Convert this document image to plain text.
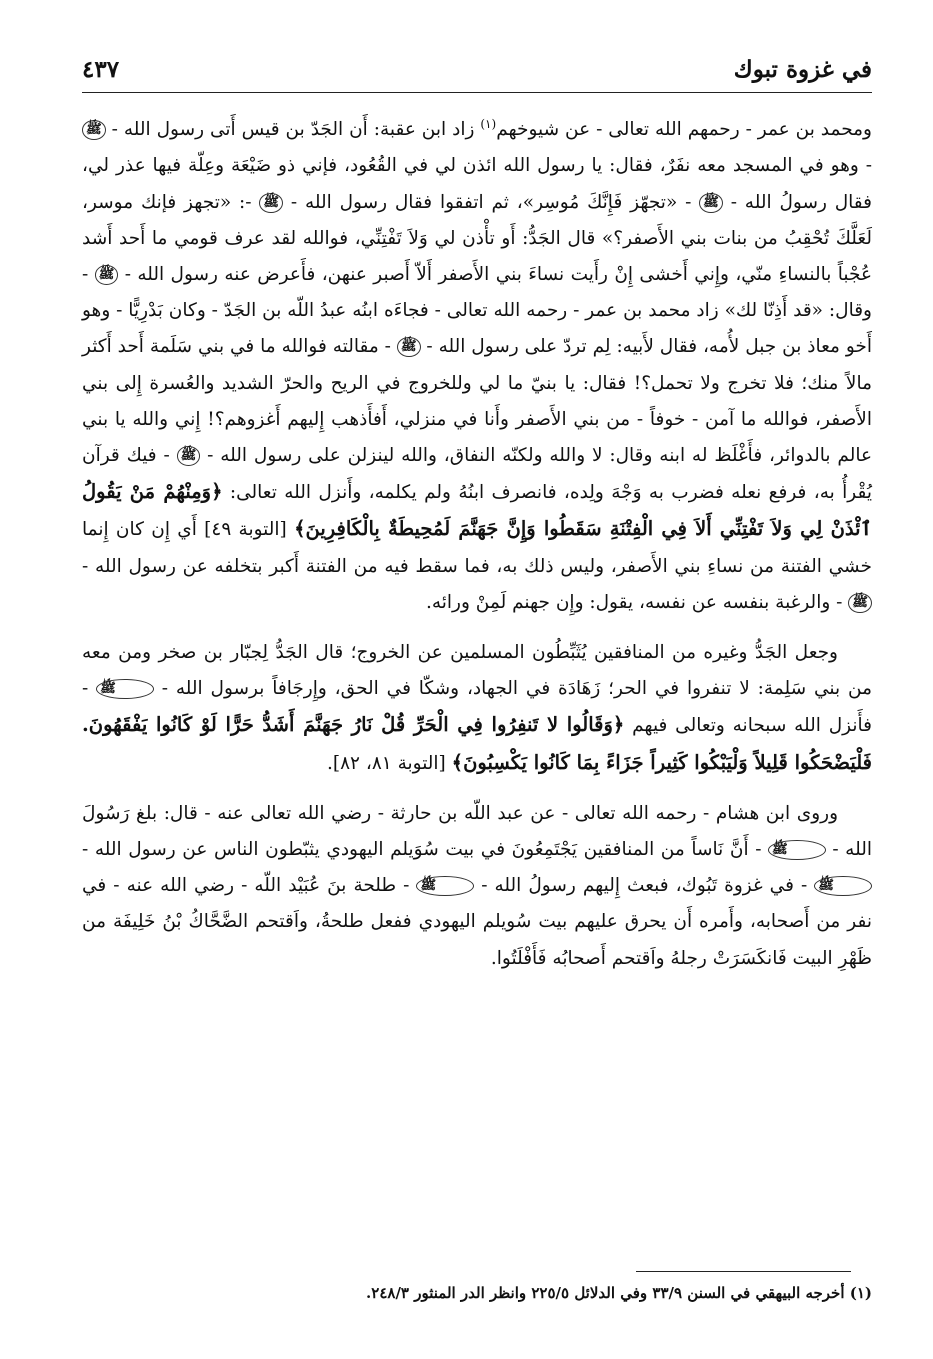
في غزوة تبوك
٤٣٧

ومحمد بن عمر - رحمهم الله تعالى - عن شيوخهم$^{(١)}$ زاد ابن عقبة: أَن الجَدّ بن قيس أَتى رسول الله - ﷺ - وهو في المسجد معه نفَرٌ، فقال: يا رسول الله ائذن لي في القُعُود، فإني ذو ضَيْعَة وعِلّة فيها عذر لي، فقال رسولُ الله - ﷺ - «تجهّز فَإِنَّكَ مُوسِر»، ثم اتفقوا فقال رسول الله - ﷺ -: «تجهز فإنك موسر، لَعَلَّكَ تُحْقِبُ من بنات بني الأَصفر؟» قال الجَدُّ: أَو تأْذن لي وَلاَ تَفْتِنِّي، فوالله لقد عرف قومي ما أَحد أَشد عُجْباً بالنساءِ منّي، وإِني أَخشى إِنْ رأَيت نساءَ بني الأَصفر أَلاّ أَصبر عنهن، فأَعرض عنه رسول الله - ﷺ - وقال: «قد أَذِنّا لك» زاد محمد بن عمر - رحمه الله تعالى - فجاءَه ابنُه عبدُ اللّه بن الجَدّ - وكان بَدْرِيًّا - وهو أَخو معاذ بن جبل لأُمه، فقال لأَبيه: لِم تردّ على رسول الله - ﷺ - مقالته فوالله ما في بني سَلَمة أَحد أَكثر مالاً منك؛ فلا تخرج ولا تحمل؟! فقال: يا بنيّ ما لي وللخروج في الريح والحرّ الشديد والعُسرة إِلى بني الأَصفر، فوالله ما آمن - خوفاً - من بني الأَصفر وأَنا في منزلي، أَفأَذهب إِليهم أَغزوهم؟! إِني والله يا بني عالم بالدوائر، فأَغْلَظ له ابنه وقال: لا والله ولكنّه النفاق، والله لينزلن على رسول الله - ﷺ - فيك قرآن يُقْرأُ به، فرفع نعله فضرب به وَجْهَ ولِده، فانصرف ابنُهُ ولم يكلمه، وأَنزل الله تعالى: ﴿وَمِنْهُمْ مَنْ يَقُولُ ٱئْذَنْ لِي وَلاَ تَفْتِنِّي أَلاَ فِي الْفِتْنَةِ سَقَطُوا وَإِنَّ جَهَنَّمَ لَمُحِيطَةٌ بِالْكَافِرِينَ﴾ [التوبة ٤٩] أَي إِن كان إِنما خشي الفتنة من نساءِ بني الأَصفر، وليس ذلك به، فما سقط فيه من الفتنة أَكبر بتخلفه عن رسول الله - ﷺ - والرغبة بنفسه عن نفسه، يقول: وإِن جهنم لَمِنْ ورائه.

وجعل الجَدُّ وغيره من المنافقين يُثَبِّطُون المسلمين عن الخروج؛ قال الجَدُّ لِجبّار بن صخر ومن معه من بني سَلِمة: لا تنفروا في الحر؛ زَهَادَة في الجهاد، وشكّا في الحق، وإِرجَافاً برسول الله - ﷺ - فأَنزل الله سبحانه وتعالى فيهم ﴿وَقَالُوا لا تَنفِرُوا فِي الْحَرِّ قُلْ نَارُ جَهَنَّمَ أَشَدُّ حَرًّا لَوْ كَانُوا يَفْقَهُونَ. فَلْيَضْحَكُوا قَلِيلاً وَلْيَبْكُوا كَثِيراً جَزَاءً بِمَا كَانُوا يَكْسِبُونَ﴾ [التوبة ٨١، ٨٢].

وروى ابن هشام - رحمه الله تعالى - عن عبد اللّه بن حارثة - رضي الله تعالى عنه - قال: بلغ رَسُولَ الله - ﷺ - أَنَّ نَاساً من المنافقين يَجْتَمِعُونَ في بيت سُوَيلم اليهودي يثبّطون الناس عن رسول الله - ﷺ - في غزوة تَبُوك، فبعث إِليهم رسولُ الله - ﷺ - طلحة بنَ عُبَيْد اللّه - رضي الله عنه - في نفر من أَصحابه، وأَمره أَن يحرق عليهم بيت سُويلم اليهودي ففعل طلحةُ، واَقتحم الضَّحَّاكُ بْنُ خَلِيفَة من ظَهْرِ البيت فَانكَسَرَتْ رجلهُ واَقتحم أَصحابُه فَأَفْلَتُوا.

(١) أخرجه البيهقي في السنن ٣٣/٩ وفي الدلائل ٢٢٥/٥ وانظر الدر المنثور ٢٤٨/٣.
